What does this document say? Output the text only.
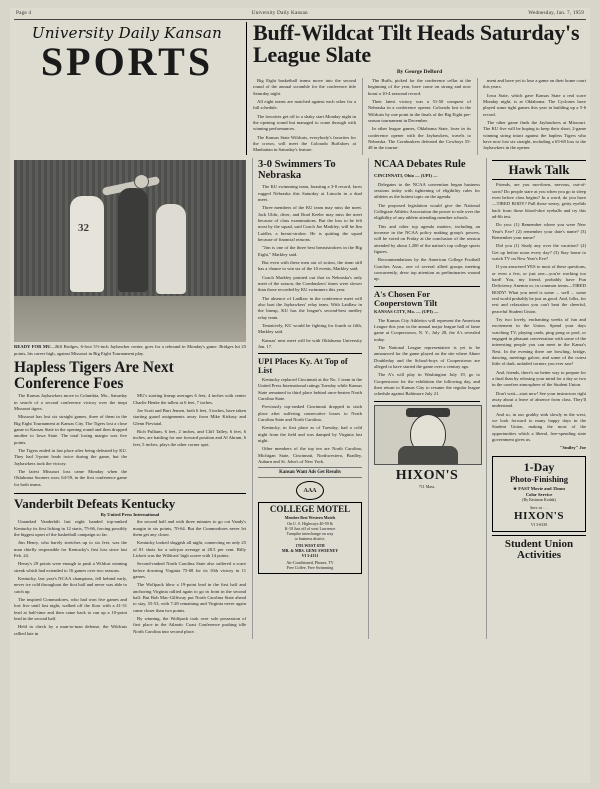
Page 4	University Daily Kansan	Wednesday, Jan. 7, 1959
University Daily Kansan
SPORTS
Buff-Wildcat Tilt Heads Saturday's League Slate
By George DeBord

Big Eight basketball teams move into the second round of the annual scramble for the conference title Saturday night.

All eight teams are matched against each other for a full schedule.

The favorites get off to a shaky start Monday night in the opening round but managed to come through with winning performances.

The Kansas State Wildcats, everybody's favorites for the crown, will meet the Colorado Buffaloes at Manhattan in Saturday's feature.

The Buffs, picked for the conference cellar at the beginning of the year, have come on strong and now boast a 10-4 seasonal record.

Their latest victory was a 51-50 conquest of Nebraska in a conference opener. Colorado lost to the Wildcats by one point in the finals of the Big Eight pre-season tournament in December.

In other league games, Oklahoma State, loser in its conference opener with the Jayhawkers, travels to Nebraska. The Cornhuskers defeated the Cowboys 55-48 in the tourna-

ment and have yet to lose a game on their home court this years.

Iowa State, which gave Kansas State a real scare Monday night, is at Oklahoma. The Cyclones have played some tight games this year in building up a 5-6 record.

The other game finds the Jayhawkers at Missouri. The KU five will be hoping to keep their short, 2-game winning string intact against the hapless Tigers who have now lost six straight, including a 65-68 loss to the Jayhawkers in the opener.

32
READY FOR MU—Bill Bridges, 6-foot 5½-inch Jayhawker center, goes for a rebound in Monday's game. Bridges hit 25 points, his career high, against Missouri in Big Eight Tournament play.
Hapless Tigers Are Next Conference Foes

The Kansas Jayhawkers move to Columbia, Mo., Saturday in search of a second conference victory over the inept Missouri tigers.

Missouri has lost six straight games, three of them in the Big Eight Tournament at Kansas City. The Tigers lost a close game to Kansas State in the opening round and then dropped another to Iowa State. The total losing margin was five points.

The Tigers ended in last place after being defeated by KU. They had 3-point leads twice during the game, but the Jayhawkers took the victory.

The latest Missouri loss came Monday when the Oklahoma Sooners won, 64-59, in the first conference game for both teams.

MU's starting lineup averages 6 feet, 4 inches with center Charlie Henke the tallest at 6 feet, 7 inches.

Joe Scott and Burt Jensen, both 6 feet, 3 inches, have taken starting guard assignments away from Mike Kirkasy and Glenn Fieviatal.

Rich Pulliam, 6 feet, 2 inches, and Cliff Talley, 6 feet, 6 inches, are battling for one forward position and Al Abram, 6 feet, 5 inches, plays the other corner spot.

Vanderbilt Defeats Kentucky
By United Press International

Unranked Vanderbilt last night handed top-ranked Kentucky its first licking in 12 starts, 75-66, forcing possibly the biggest upset of the basketball campaign so far.

Jim Henry, who barely stretches up to six feet, was the man chiefly responsible for Kentucky's first loss since last Feb. 24.

Henry's 29 points were enough to push a Wildcat winning streak which had extended to 16 games over two seasons.

Kentucky, last year's NCAA champions, fell behind early, never ice cold throughout the first half and never was able to catch up.

The inspired Commodores, who had won five games and lost five until last night, walked off the floor with a 41-31 lead at half-time and then came back to run up a 10-point lead in the second half.

Held in check by a man-to-man defense, the Wildcats rallied late in

the second half and with three minutes to go cut Vandy's margin to six points, 70-64. But the Commodores never let them get any closer.

Kentucky looked sluggish all night, connecting on only 25 of 81 shots for a sub-par average at 28.5 per cent. Billy Lickert was the Wildcats' high scorer with 14 points.

Second-ranked North Carolina State also suffered a scare before downing Virginia 75-68 for its 10th victory in 11 games.

The Wolfpack blew a 19-point lead in the first half and anchoring Virginia rallied again to go in front in the second half. But Bob Mac-Gillivray put North Carolina State ahead to stay, 55-53, with 7:28 remaining and Virginia never again came closer than two points.

By winning, the Wolfpack took over sole possession of first place in the Atlantic Coast Conference pushing idle North Carolina into second place.

3-0 Swimmers To Nebraska

The KU swimming team, boasting a 3-0 record, faces rugged Nebraska this Saturday at Lincoln in a dual meet.

Three members of the KU team may miss the meet. Jack Uhlir, diver, and Brad Keeler may miss the meet because of class examinations. But the loss to be felt most by the squad, said Coach Joe Markley, will be Jim Laidler, a breast-stroker. He is quitting the squad because of financial reasons.

"Jim is one of the three best breaststrokers in the Big Eight," Markley said.

But even with these men out of action, the team still has a chance to win six of the 10 events, Markley said.

Coach Markley pointed out that in Nebraska's only meet of the season, the Cornhuskers' times were slower than those recorded by KU swimmers this year.

The absence of Laidlaw in the conference meet will also hurt the Jayhawkers' relay team. With Laidlaw in the lineup, KU has the league's second-best medley relay team.

Tentatively, KU would be fighting for fourth or fifth, Markley said.

Kansas' next meet will be with Oklahoma University Jan. 17.

UPI Places Ky. At Top of List

Kentucky replaced Cincinnati at the No. 1 team in the United Press International ratings Tuesday while Kansas State remained in third place behind once-beaten North Carolina State.

Previously top-ranked Cincinnati dropped to sixth place after suffering consecutive losses to North Carolina State and North Carolina.

Kentucky, in first place as of Tuesday, had a cold night from the field and was damped by Virginia last night.

Other members of the top ten are North Carolina, Michigan State, Cincinnati, Northwestern, Bradley, Auburn and St. John's of New York.

Kansan Want Ads Get Results
AAA
COLLEGE MOTEL
Member Best Western Motels
On U. S. Highways 40-59 &
K-10 Just off of west Lawrence
Turnpike interchange on way
to business district.
1703 WEST 6TH
MR. & MRS. GENE SWEENEY
VI 3-4131
Air-Conditioned, Phones, TV
Free Coffee, Free Swimming
NCAA Debates Rule

CINCINNATI, Ohio — (UPI) —

Delegates to the NCAA convention began business sessions today with tightening of eligibility rules for athletes as the hottest topic on the agenda.

The proposed legislation would give the National Collegiate Athletic Association the power to rule over the eligibility of any athlete attending member schools.

This and other top agenda matters, including an increase in the NCAA policy making group's powers, will be voted on Friday at the conclusion of the session attended by about 1,200 of the nation's top college sports figures.

Recommendations by the American College Football Coaches Assn., one of several allied groups meeting concurrently, drew top attention as preliminaries wound up.

A's Chosen For Cooperstown Tilt

KANSAS CITY, Mo. — (UPI) —

The Kansas City Athletics will represent the American League this year in the annual major league hall of fame game at Cooperstown, N. Y., July 28, the A's revealed today.

The National League representative is yet to be announced for the game played on the site where Abner Doubleday and the School-boys of Cooperstown are alleged to have started the game over a century ago.

The A's will play in Washington July 19, go to Cooperstown for the exhibition the following day, and then return to Kansas City to resume the regular league schedule against Baltimore July 21.

HIXON'S
711 Mass.
Hawk Talk

Friends, are you run-down, nervous, out-of-sorts? Do people stare at you when you go to sleep even before class begins? In a word, do you have—TIRED BODY? Pull those weary, gritty eyelids back from those blood-shot eyeballs and try this ad-lib test.

Do you: (1) Remember where you were New Year's Eve? (2) remember your date's name? (3) Remember your name?

Did you (1) Study any over the vacation? (2) Get up before noon every day? (3) Stay home to watch TV on New Year's Eve?

If you answered YES to most of these questions, or even a few, or just one—you're working too hard! You, my friend, probably have Fun Deficiency Anemia or, in common terms—TIRED BODY! What you need is some ... well ... some real world probably be just as good. And, folks, for rest and relaxation you can't beat the cheerful, peaceful Student Union.

Try two lovely, enchanting weeks of fun and excitement in the Union. Spend your days watching TV, playing cards, ping pong or pool, or engaged in pleasant conversation with some of the interesting people you can meet in the Kansa's Nest. In the evening there are bowling, bridge, dancing, meetings galore, and some of the cutest little of dark, unfaded corners you ever saw!

And, friends, there's no better way to prepare for a final than by relaxing your mind for a day or two in the carefree atmosphere of the Student Union.

Don't wait—start now! See your instructors right away about a leave of absence from class. They'll understand.

And so, in our grubby sink slowly in the west, we look forward to many happy days in the Student Union, making the most of the opportunities which a liberal, free-spending state government gives us.

"Smiley" Joe

1-Day
Photo-Finishing
★ FAST Movie and 35mm
Color Service
(By Eastman Kodak)
Save at . . .
HIXON'S
VI 3-6339
Student Union
Activities
